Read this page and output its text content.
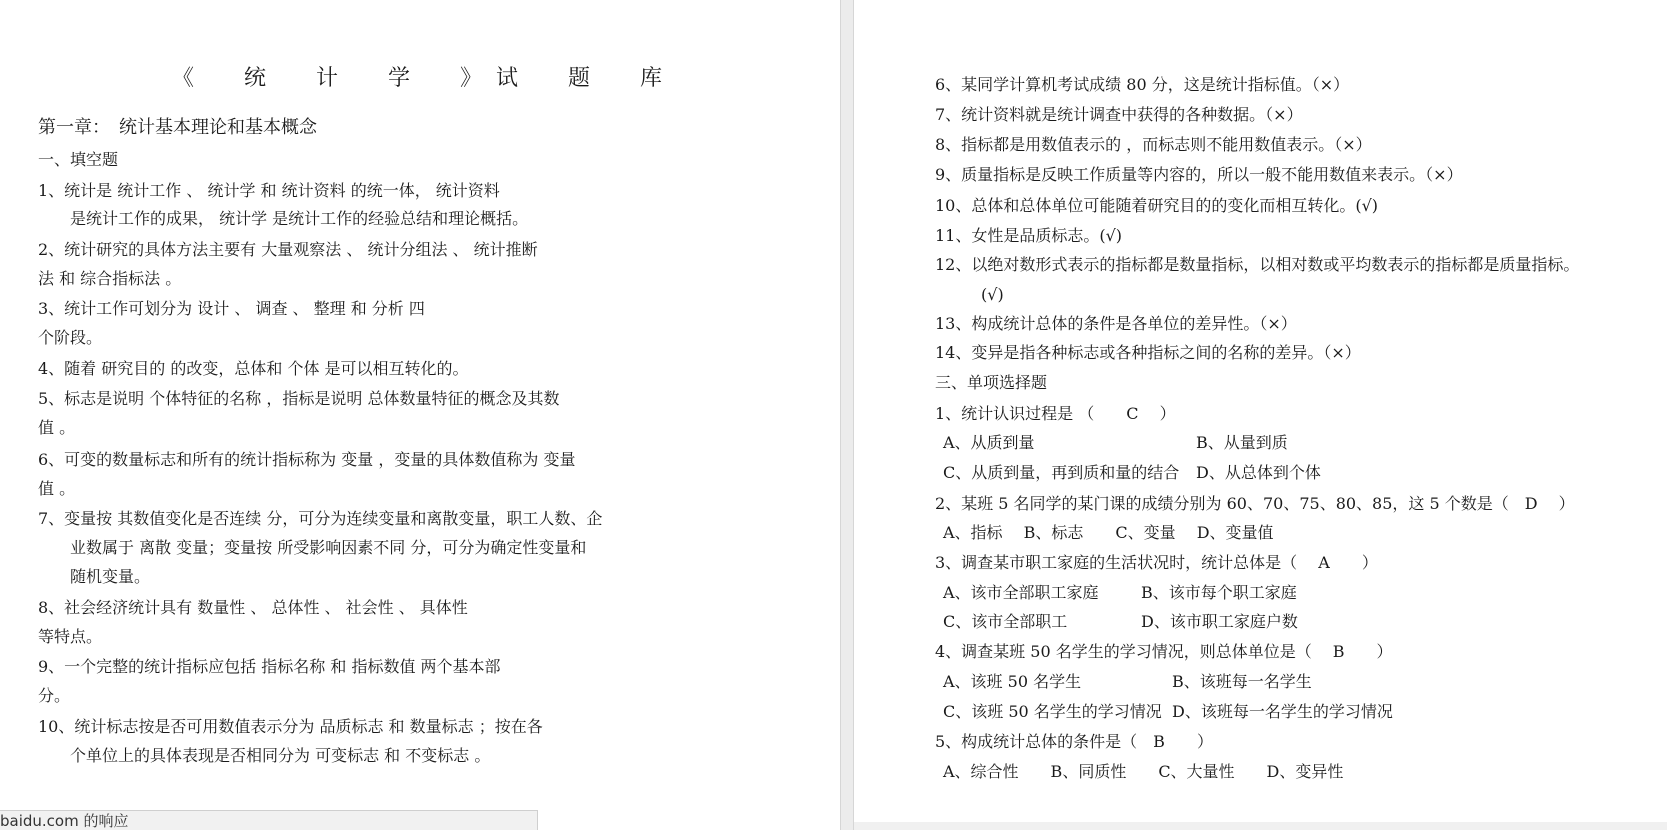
《　统　计　学　》试　题　库
第一章：　统计基本理论和基本概念
一、填空题
1、统计是 统计工作 、 统计学 和 统计资料 的统一体， 统计资料
是统计工作的成果， 统计学 是统计工作的经验总结和理论概括。
2、统计研究的具体方法主要有 大量观察法 、 统计分组法 、 统计推断
法 和 综合指标法 。
3、统计工作可划分为 设计 、 调查 、 整理 和 分析 四
个阶段。
4、随着 研究目的 的改变，总体和 个体 是可以相互转化的。
5、标志是说明 个体特征的名称 ，指标是说明 总体数量特征的概念及其数
值 。
6、可变的数量标志和所有的统计指标称为 变量 ，变量的具体数值称为 变量
值 。
7、变量按 其数值变化是否连续 分，可分为连续变量和离散变量，职工人数、企
业数属于 离散 变量；变量按 所受影响因素不同 分，可分为确定性变量和
随机变量。
8、社会经济统计具有 数量性 、 总体性 、 社会性 、 具体性
等特点。
9、一个完整的统计指标应包括 指标名称 和 指标数值 两个基本部
分。
10、统计标志按是否可用数值表示分为 品质标志 和 数量标志 ；按在各
个单位上的具体表现是否相同分为 可变标志 和 不变标志 。
baidu.com 的响应
6、某同学计算机考试成绩 80 分，这是统计指标值。（×）
7、统计资料就是统计调查中获得的各种数据。（×）
8、指标都是用数值表示的 ，而标志则不能用数值表示。（×）
9、质量指标是反映工作质量等内容的，所以一般不能用数值来表示。（×）
10、总体和总体单位可能随着研究目的的变化而相互转化。(√)
11、女性是品质标志。(√)
12、以绝对数形式表示的指标都是数量指标，以相对数或平均数表示的指标都是质量指标。
(√)
13、构成统计总体的条件是各单位的差异性。（×）
14、变异是指各种标志或各种指标之间的名称的差异。（×）
三、单项选择题
1、统计认识过程是 （　　C　 ）
A、从质到量	B、从量到质
C、从质到量，再到质和量的结合 D、从总体到个体
2、某班 5 名同学的某门课的成绩分别为 60、70、75、80、85，这 5 个数是（　D　 ）
A、指标　 B、标志　　C、变量　 D、变量值
3、调查某市职工家庭的生活状况时，统计总体是（　 A　　）
A、该市全部职工家庭	B、该市每个职工家庭
C、该市全部职工	D、该市职工家庭户数
4、调查某班 50 名学生的学习情况，则总体单位是（　 B　　）
A、该班 50 名学生	B、该班每一名学生
C、该班 50 名学生的学习情况 D、该班每一名学生的学习情况
5、构成统计总体的条件是（　B　　）
A、综合性　　B、同质性　　C、大量性　　D、变异性
